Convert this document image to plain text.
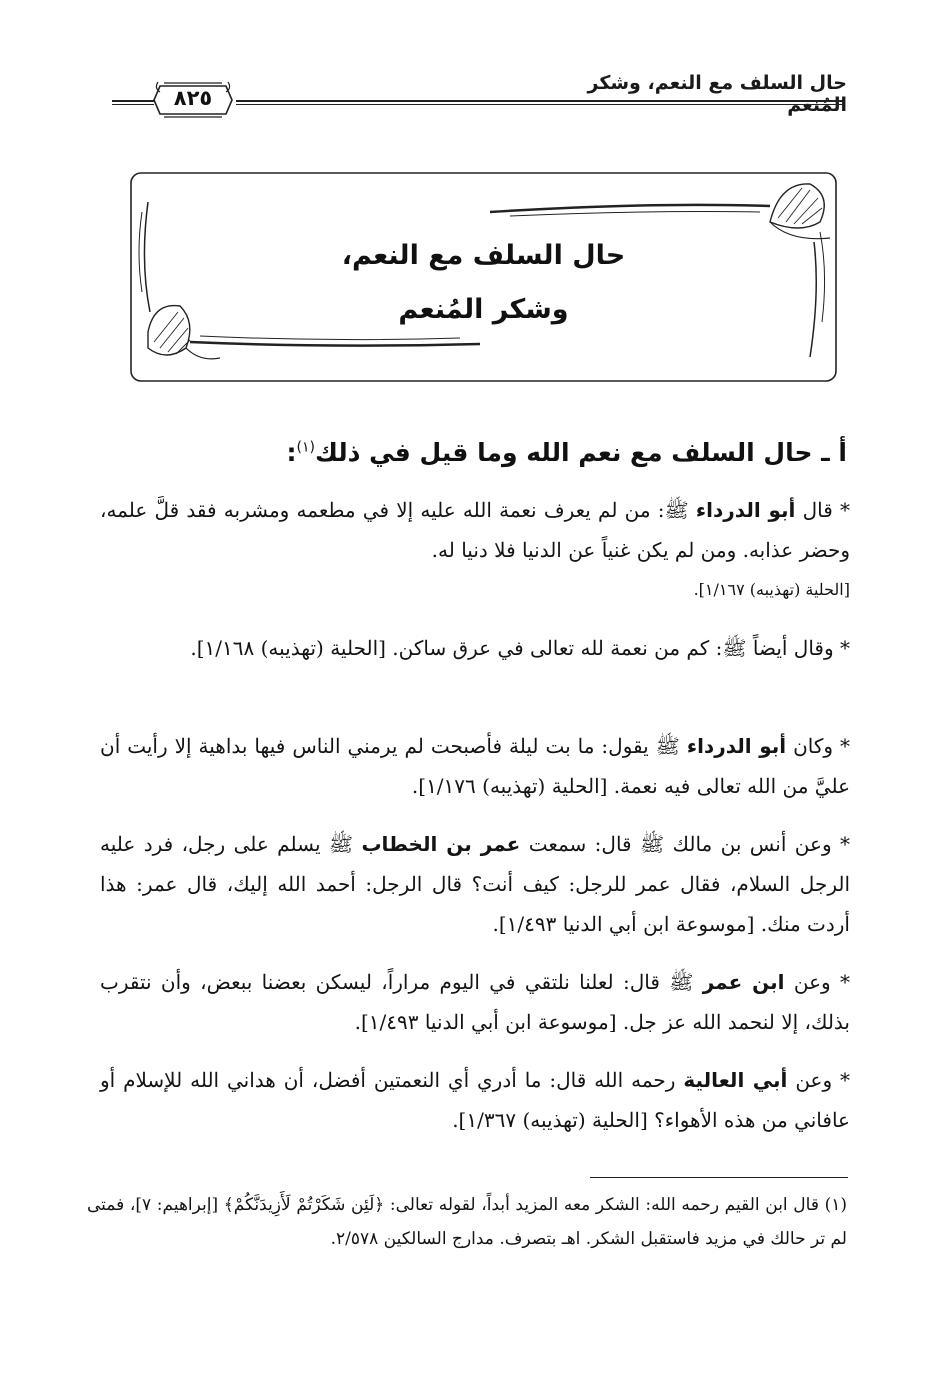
حال السلف مع النعم، وشكر المُنعم
٨٢٥
حال السلف مع النعم،
وشكر المُنعم
أ ـ حال السلف مع نعم الله وما قيل في ذلك$^{(١)}$:

* قال أبو الدرداء ﷺ: من لم يعرف نعمة الله عليه إلا في مطعمه ومشربه فقد قلَّ علمه، وحضر عذابه. ومن لم يكن غنياً عن الدنيا فلا دنيا له.
[الحلية (تهذيبه) ١/١٦٧].

* وقال أيضاً ﷺ: كم من نعمة لله تعالى في عرق ساكن. [الحلية (تهذيبه) ١/١٦٨].

* وكان أبو الدرداء ﷺ يقول: ما بت ليلة فأصبحت لم يرمني الناس فيها بداهية إلا رأيت أن عليَّ من الله تعالى فيه نعمة. [الحلية (تهذيبه) ١/١٧٦].

* وعن أنس بن مالك ﷺ قال: سمعت عمر بن الخطاب ﷺ يسلم على رجل، فرد عليه الرجل السلام، فقال عمر للرجل: كيف أنت؟ قال الرجل: أحمد الله إليك، قال عمر: هذا أردت منك. [موسوعة ابن أبي الدنيا ١/٤٩٣].

* وعن ابن عمر ﷺ قال: لعلنا نلتقي في اليوم مراراً، ليسكن بعضنا ببعض، وأن نتقرب بذلك، إلا لنحمد الله عز جل. [موسوعة ابن أبي الدنيا ١/٤٩٣].

* وعن أبي العالية رحمه الله قال: ما أدري أي النعمتين أفضل، أن هداني الله للإسلام أو عافاني من هذه الأهواء؟ [الحلية (تهذيبه) ١/٣٦٧].

(١) قال ابن القيم رحمه الله: الشكر معه المزيد أبداً، لقوله تعالى: ﴿لَئِن شَكَرْتُمْ لَأَزِيدَنَّكُمْ﴾ [إبراهيم: ٧]، فمتى لم تر حالك في مزيد فاستقبل الشكر. اهـ بتصرف. مدارج السالكين ٢/٥٧٨.
